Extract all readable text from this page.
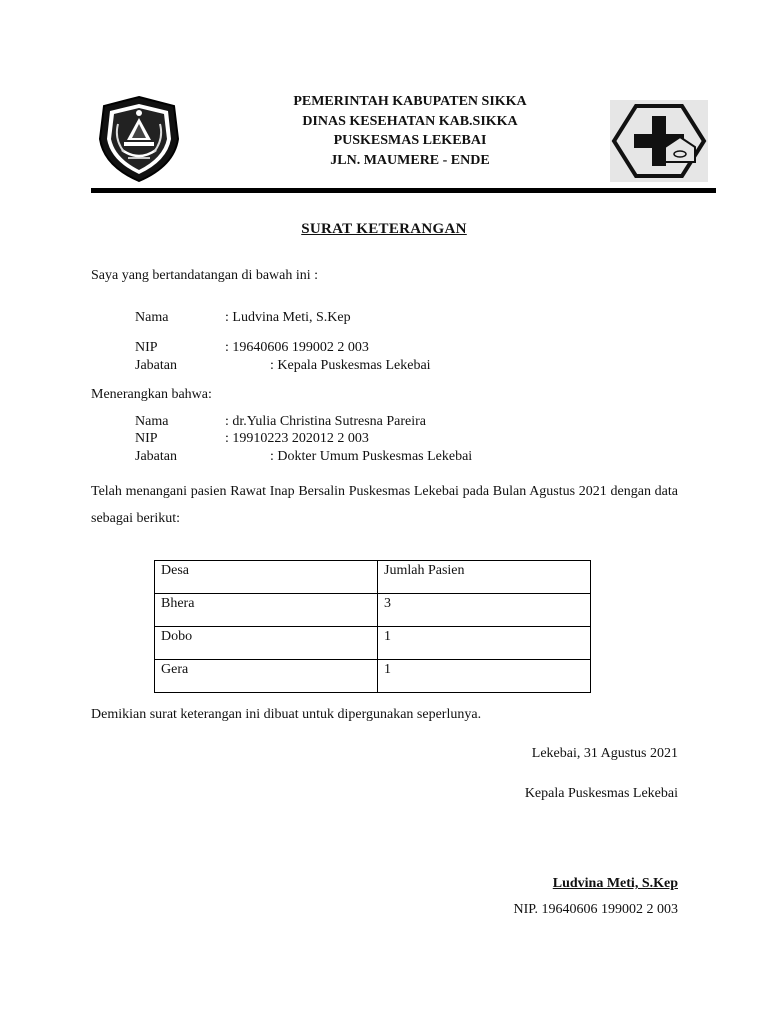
PEMERINTAH KABUPATEN SIKKA
DINAS KESEHATAN KAB.SIKKA
PUSKESMAS LEKEBAI
JLN. MAUMERE - ENDE
SURAT KETERANGAN
Saya yang bertandatangan di bawah ini :
Nama	: Ludvina Meti, S.Kep
NIP	: 19640606 199002 2 003
Jabatan	: Kepala Puskesmas Lekebai
Menerangkan bahwa:
Nama	: dr.Yulia Christina Sutresna Pareira
NIP	: 19910223 202012 2 003
Jabatan	: Dokter Umum Puskesmas Lekebai
Telah menangani pasien Rawat Inap Bersalin Puskesmas Lekebai pada Bulan Agustus 2021 dengan data sebagai berikut:
Desa	Jumlah Pasien
Bhera	3
Dobo	1
Gera	1
Demikian surat keterangan ini dibuat untuk dipergunakan seperlunya.
Lekebai, 31 Agustus 2021
Kepala Puskesmas Lekebai
Ludvina Meti, S.Kep
NIP. 19640606 199002 2 003
